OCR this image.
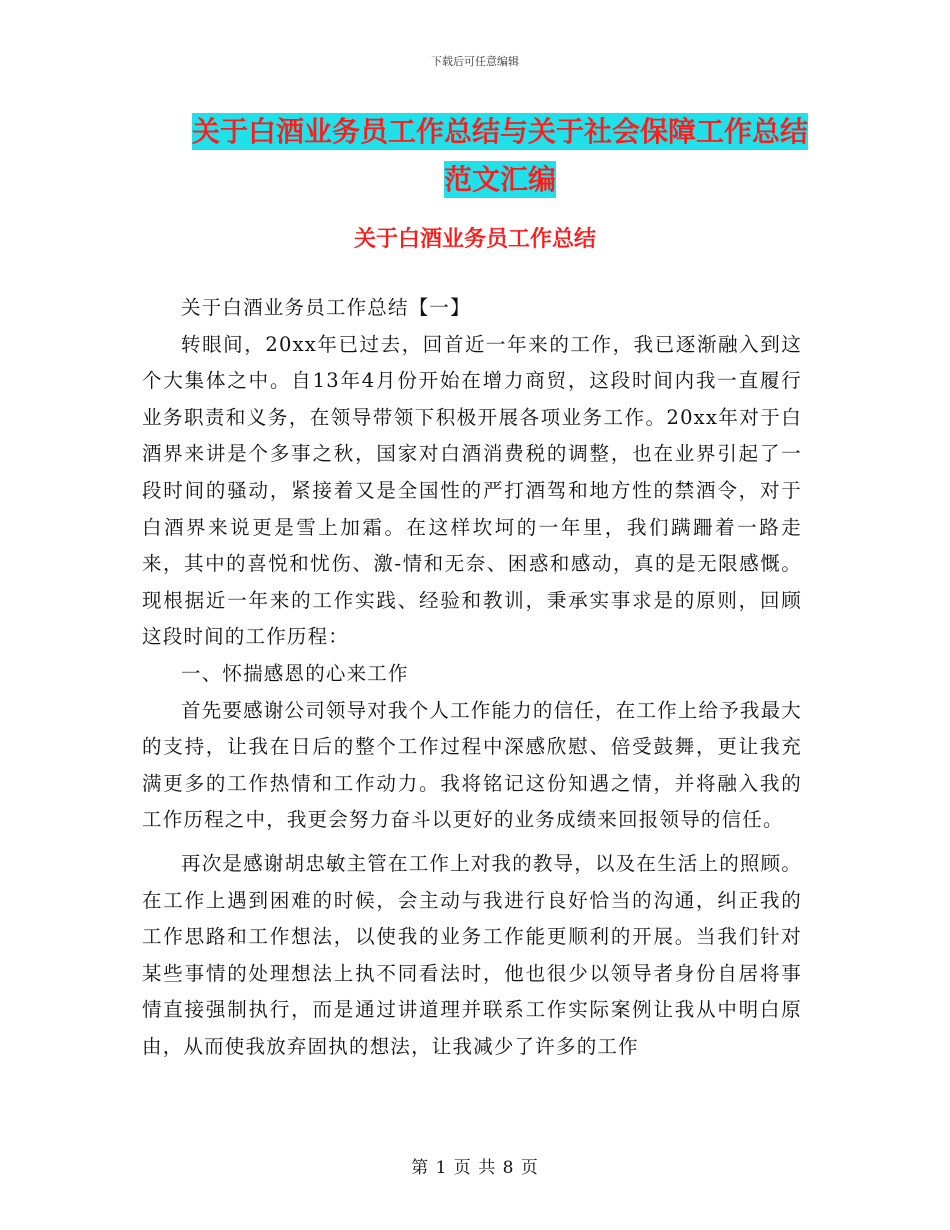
下载后可任意编辑
关于白酒业务员工作总结与关于社会保障工作总结范文汇编
关于白酒业务员工作总结

关于白酒业务员工作总结【一】

转眼间，20xx年已过去，回首近一年来的工作，我已逐渐融入到这个大集体之中。自13年4月份开始在增力商贸，这段时间内我一直履行业务职责和义务，在领导带领下积极开展各项业务工作。20xx年对于白酒界来讲是个多事之秋，国家对白酒消费税的调整，也在业界引起了一段时间的骚动，紧接着又是全国性的严打酒驾和地方性的禁酒令，对于白酒界来说更是雪上加霜。在这样坎坷的一年里，我们蹒跚着一路走来，其中的喜悦和忧伤、激-情和无奈、困惑和感动，真的是无限感慨。现根据近一年来的工作实践、经验和教训，秉承实事求是的原则，回顾这段时间的工作历程：

一、怀揣感恩的心来工作

首先要感谢公司领导对我个人工作能力的信任，在工作上给予我最大的支持，让我在日后的整个工作过程中深感欣慰、倍受鼓舞，更让我充满更多的工作热情和工作动力。我将铭记这份知遇之情，并将融入我的工作历程之中，我更会努力奋斗以更好的业务成绩来回报领导的信任。

再次是感谢胡忠敏主管在工作上对我的教导，以及在生活上的照顾。在工作上遇到困难的时候，会主动与我进行良好恰当的沟通，纠正我的工作思路和工作想法，以使我的业务工作能更顺利的开展。当我们针对某些事情的处理想法上执不同看法时，他也很少以领导者身份自居将事情直接强制执行，而是通过讲道理并联系工作实际案例让我从中明白原由，从而使我放弃固执的想法，让我减少了许多的工作

第 1 页 共 8 页
